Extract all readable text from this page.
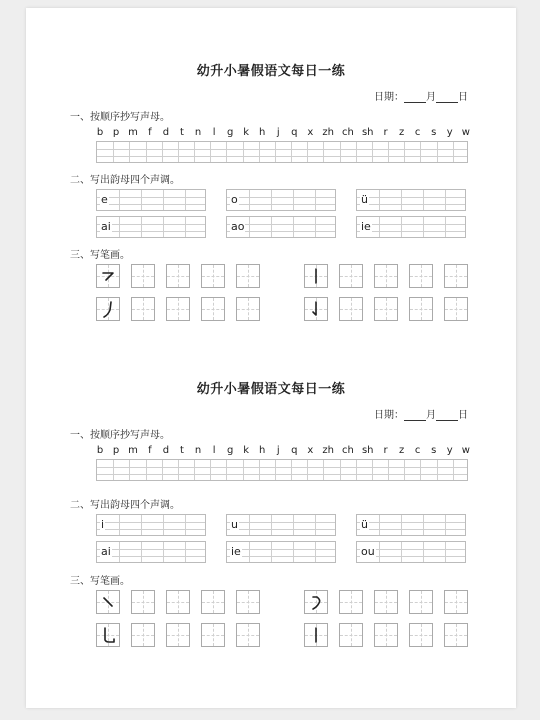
幼升小暑假语文每日一练
日期： 月 日
一、按顺序抄写声母。
b p m f d t n l g k h j q x zh ch sh r z c s y w
二、写出韵母四个声调。
e	o	ü
ai	ao	ie
三、写笔画。
幼升小暑假语文每日一练
日期： 月 日
一、按顺序抄写声母。
b p m f d t n l g k h j q x zh ch sh r z c s y w
二、写出韵母四个声调。
i	u	ü
ai	ie	ou
三、写笔画。
